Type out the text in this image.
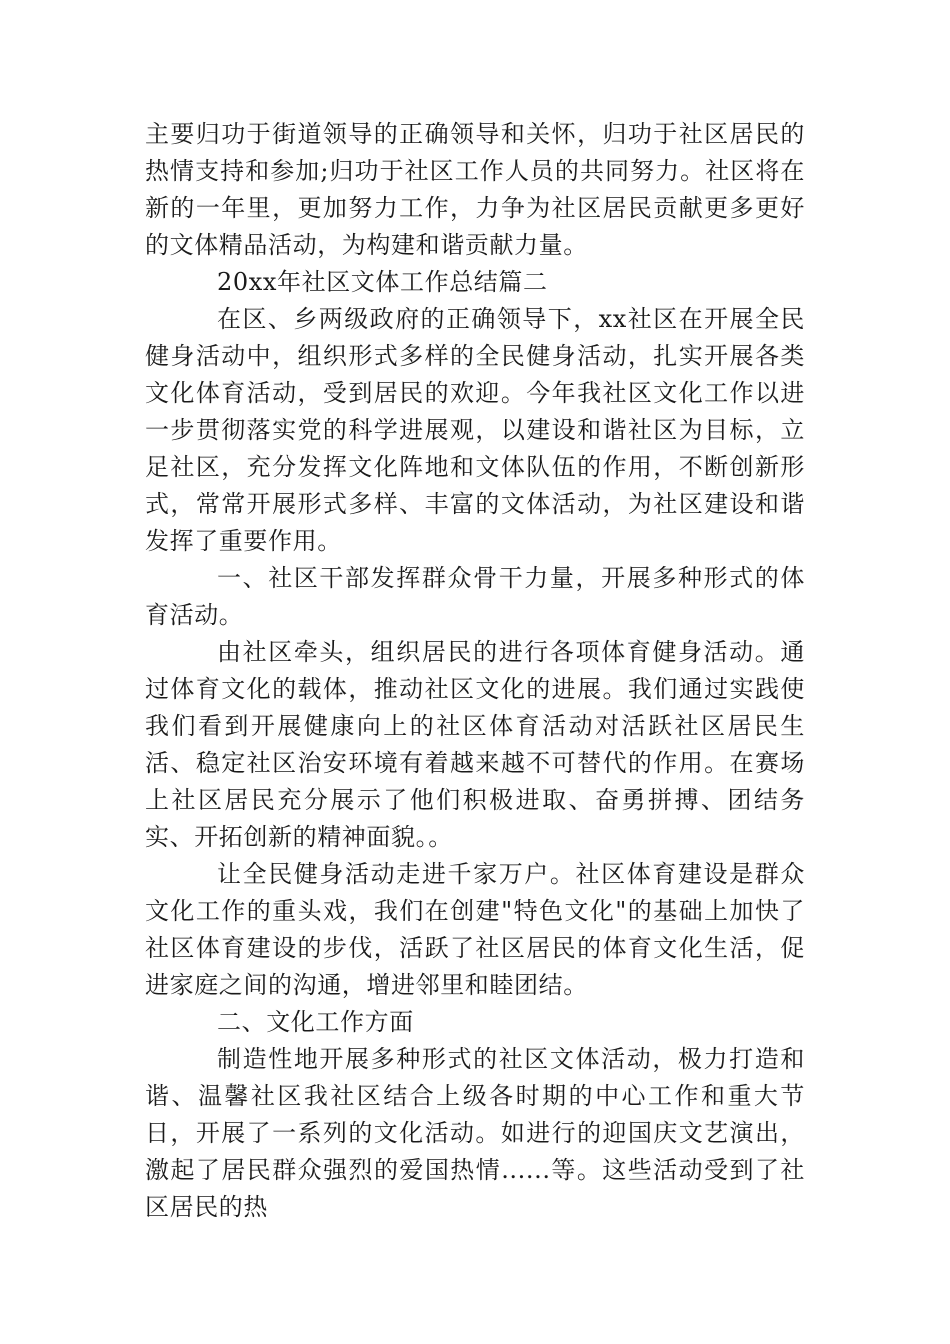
主要归功于街道领导的正确领导和关怀，归功于社区居民的热情支持和参加;归功于社区工作人员的共同努力。社区将在新的一年里，更加努力工作，力争为社区居民贡献更多更好的文体精品活动，为构建和谐贡献力量。

20xx年社区文体工作总结篇二

在区、乡两级政府的正确领导下，xx社区在开展全民健身活动中，组织形式多样的全民健身活动，扎实开展各类文化体育活动，受到居民的欢迎。今年我社区文化工作以进一步贯彻落实党的科学进展观，以建设和谐社区为目标，立足社区，充分发挥文化阵地和文体队伍的作用，不断创新形式，常常开展形式多样、丰富的文体活动，为社区建设和谐发挥了重要作用。

一、社区干部发挥群众骨干力量，开展多种形式的体育活动。

由社区牵头，组织居民的进行各项体育健身活动。通过体育文化的载体，推动社区文化的进展。我们通过实践使我们看到开展健康向上的社区体育活动对活跃社区居民生活、稳定社区治安环境有着越来越不可替代的作用。在赛场上社区居民充分展示了他们积极进取、奋勇拼搏、团结务实、开拓创新的精神面貌。。

让全民健身活动走进千家万户。社区体育建设是群众文化工作的重头戏，我们在创建"特色文化"的基础上加快了社区体育建设的步伐，活跃了社区居民的体育文化生活，促进家庭之间的沟通，增进邻里和睦团结。

二、文化工作方面

制造性地开展多种形式的社区文体活动，极力打造和谐、温馨社区我社区结合上级各时期的中心工作和重大节日，开展了一系列的文化活动。如进行的迎国庆文艺演出，激起了居民群众强烈的爱国热情......等。这些活动受到了社区居民的热
